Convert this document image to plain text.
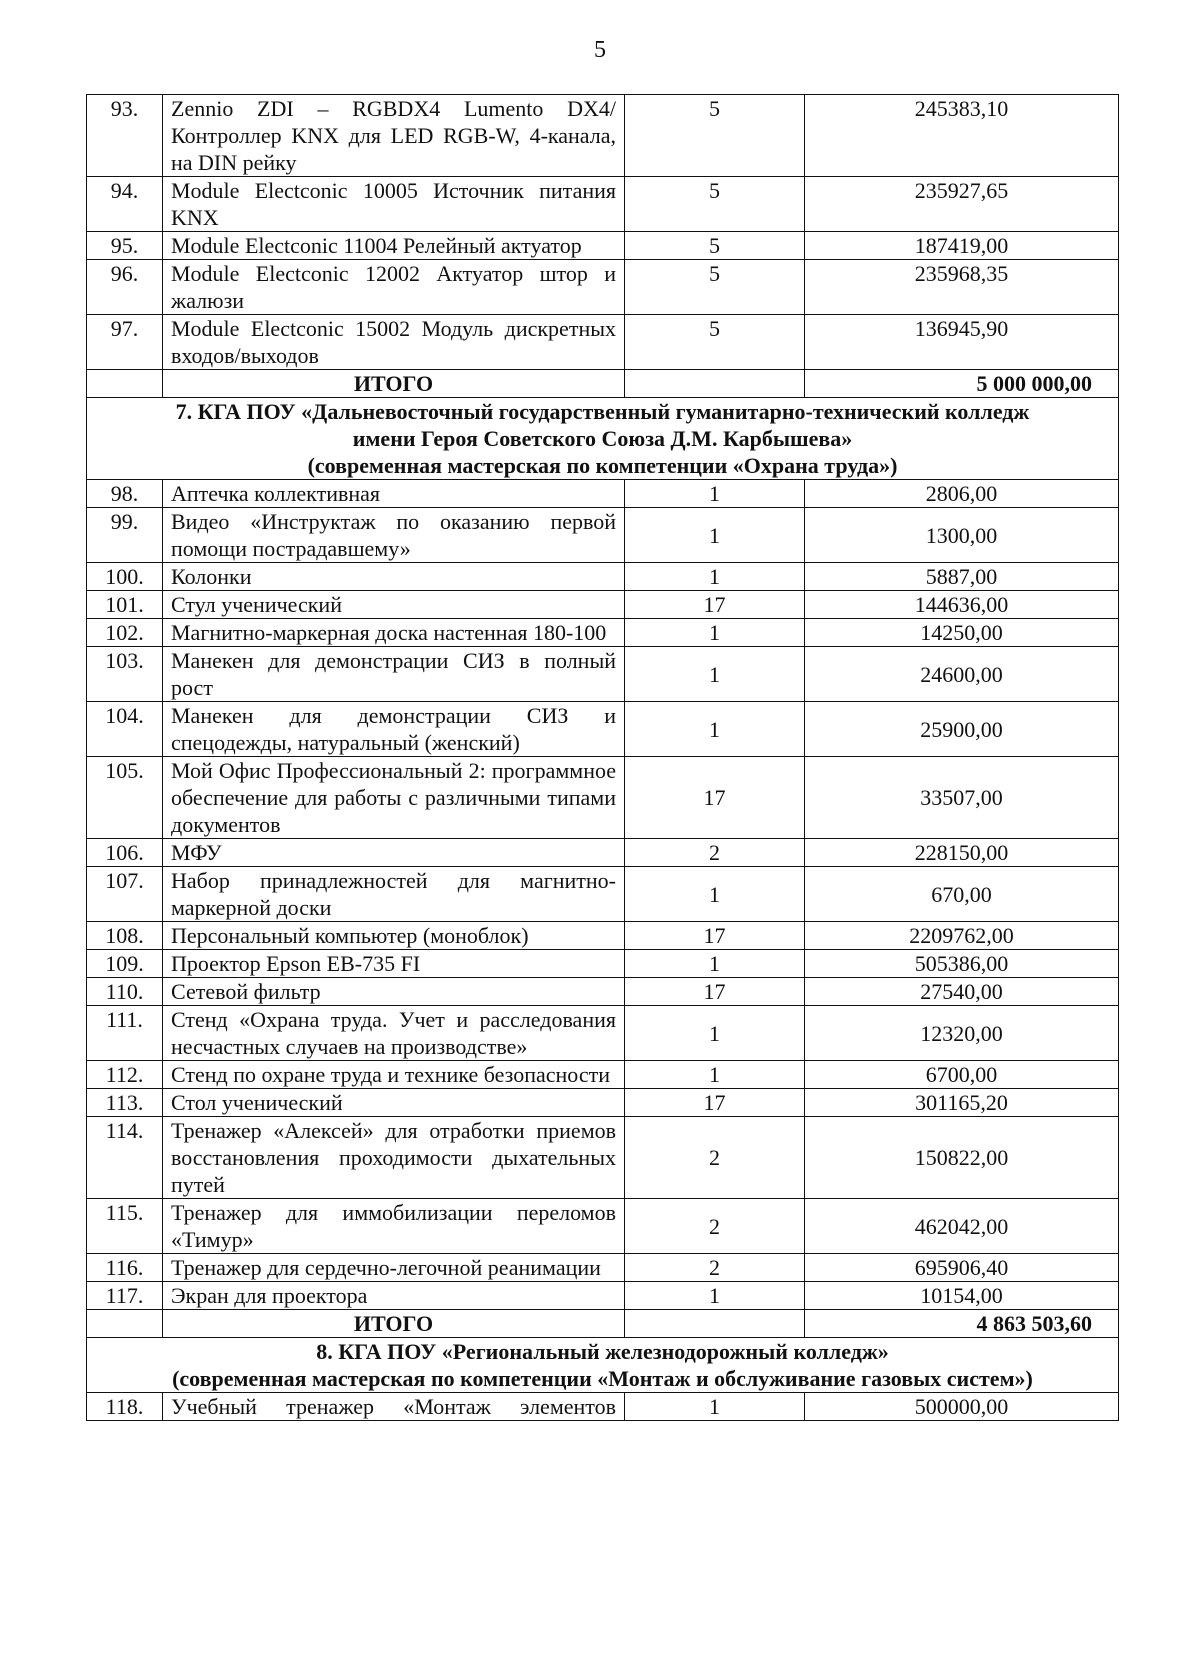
5
93.	Zennio ZDI – RGBDX4 Lumento DX4/Контроллер KNX для LED RGB-W, 4-канала, на DIN рейку	5	245383,10
94.	Module Electconic 10005 Источник питания KNX	5	235927,65
95.	Module Electconic 11004 Релейный актуатор	5	187419,00
96.	Module Electconic 12002 Актуатор штор и жалюзи	5	235968,35
97.	Module Electconic 15002 Модуль дискретных входов/выходов	5	136945,90
	ИТОГО		5 000 000,00

7. КГА ПОУ «Дальневосточный государственный гуманитарно-технический колледж
имени Героя Советского Союза Д.М. Карбышева»
(современная мастерская по компетенции «Охрана труда»)			

98.	Аптечка коллективная	1	2806,00
99.	Видео «Инструктаж по оказанию первой помощи пострадавшему»	1	1300,00
100.	Колонки	1	5887,00
101.	Стул ученический	17	144636,00
102.	Магнитно-маркерная доска настенная 180-100	1	14250,00
103.	Манекен для демонстрации СИЗ в полный рост	1	24600,00
104.	Манекен для демонстрации СИЗ и спецодежды, натуральный (женский)	1	25900,00
105.	Мой Офис Профессиональный 2: программное обеспечение для работы с различными типами документов	17	33507,00
106.	МФУ	2	228150,00
107.	Набор принадлежностей для магнитно-маркерной доски	1	670,00
108.	Персональный компьютер (моноблок)	17	2209762,00
109.	Проектор Epson EB-735 FI	1	505386,00
110.	Сетевой фильтр	17	27540,00
111.	Стенд «Охрана труда. Учет и расследования несчастных случаев на производстве»	1	12320,00
112.	Стенд по охране труда и технике безопасности	1	6700,00
113.	Стол ученический	17	301165,20
114.	Тренажер «Алексей» для отработки приемов восстановления проходимости дыхательных путей	2	150822,00
115.	Тренажер для иммобилизации переломов «Тимур»	2	462042,00
116.	Тренажер для сердечно-легочной реанимации	2	695906,40
117.	Экран для проектора	1	10154,00
	ИТОГО		4 863 503,60

8. КГА ПОУ «Региональный железнодорожный колледж»
(современная мастерская по компетенции «Монтаж и обслуживание газовых систем»)			

118.	Учебный тренажер «Монтаж элементов	1	500000,00
